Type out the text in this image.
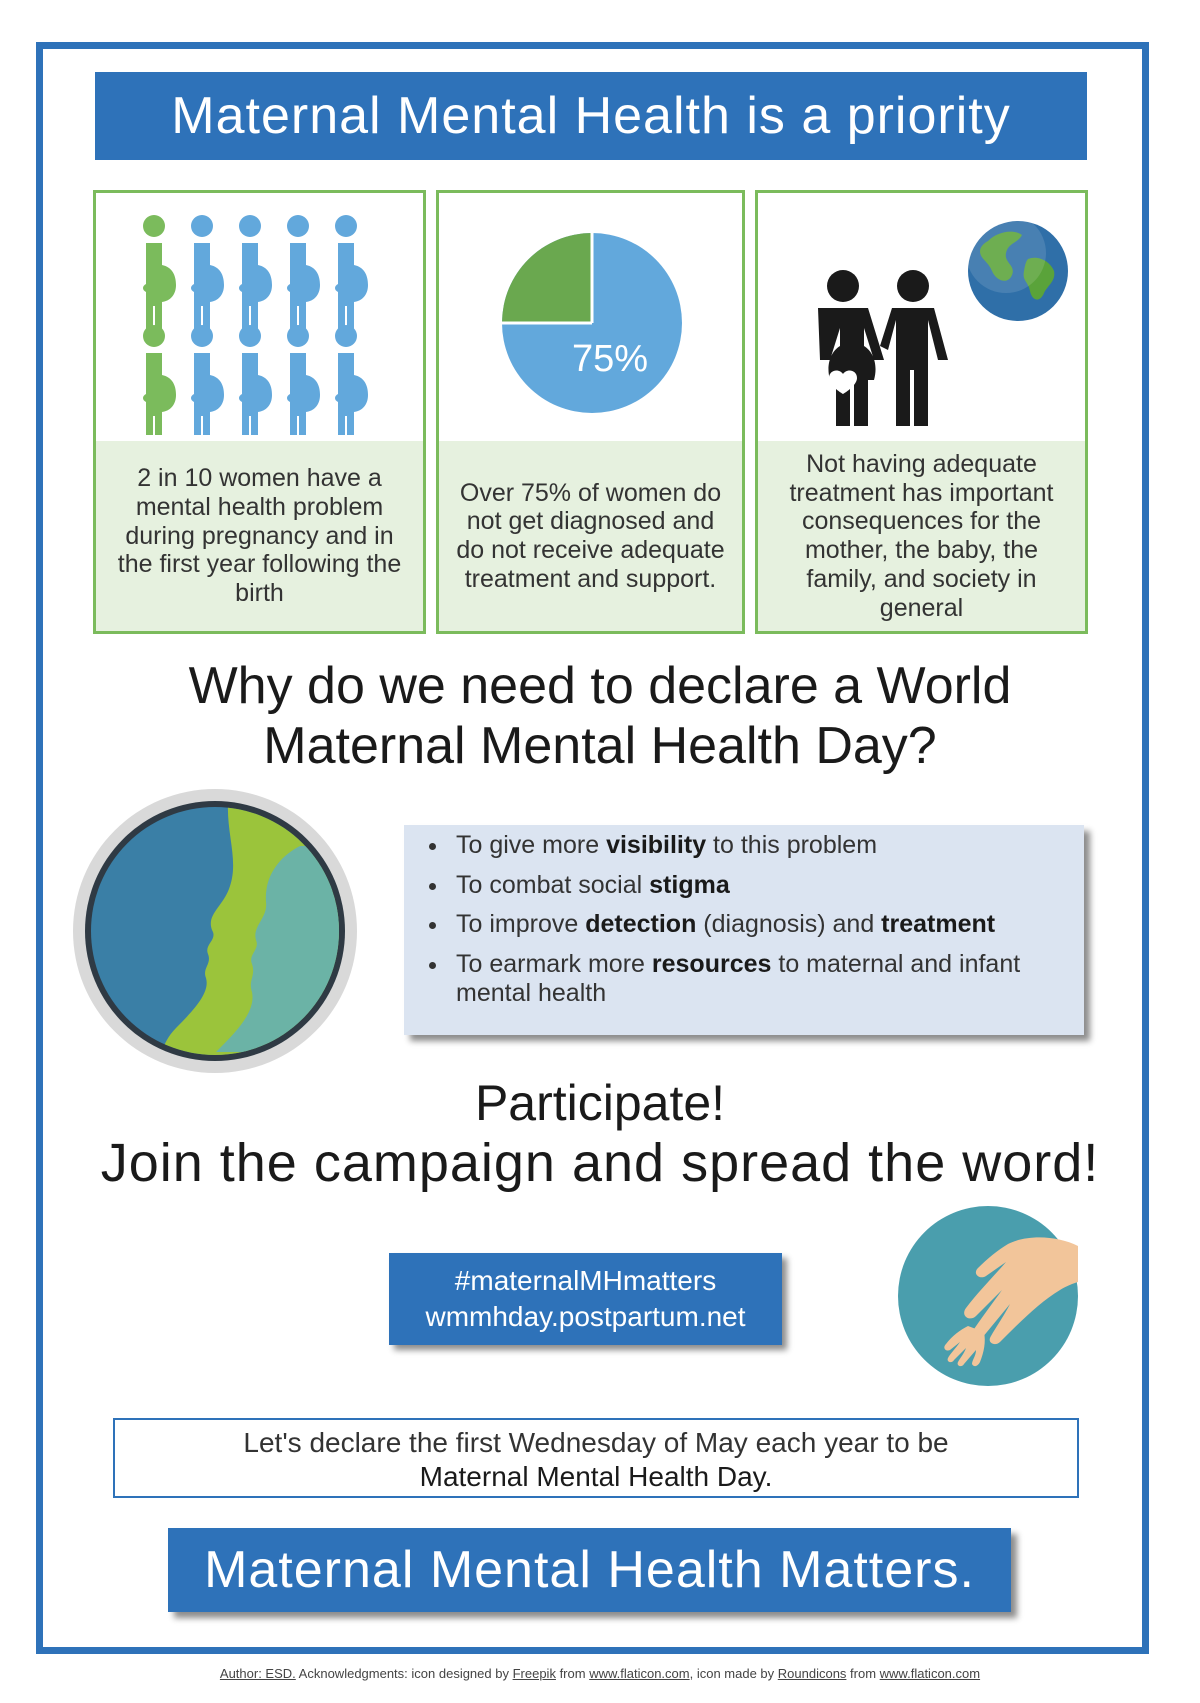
Maternal Mental Health is a priority
2 in 10 women have a mental health problem during pregnancy and in the first year following the birth
75%
Over 75% of women do not get diagnosed and do not receive adequate treatment and support.
Not having adequate treatment has important consequences for the mother, the baby, the family, and society in general
Why do we need to declare a World
Maternal Mental Health Day?
• To give more visibility to this problem
• To combat social stigma
• To improve detection (diagnosis) and treatment
• To earmark more resources to maternal and infant mental health
Participate!
Join the campaign and spread the word!
#maternalMHmatters
wmmhday.postpartum.net
Let's declare the first Wednesday of May each year to be
Maternal Mental Health Day.
Maternal Mental Health Matters.
Author: ESD. Acknowledgments: icon designed by Freepik from www.flaticon.com, icon made by Roundicons from www.flaticon.com
